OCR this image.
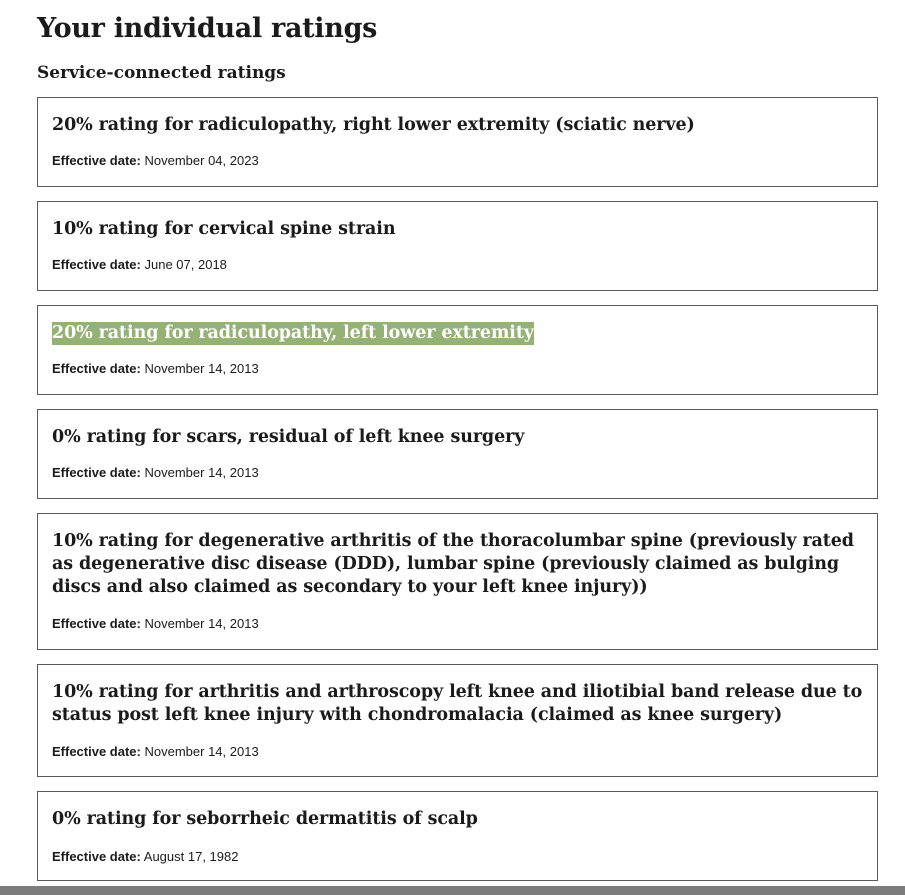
Your individual ratings
Service-connected ratings
20% rating for radiculopathy, right lower extremity (sciatic nerve)

Effective date: November 04, 2023

10% rating for cervical spine strain

Effective date: June 07, 2018

20% rating for radiculopathy, left lower extremity

Effective date: November 14, 2013

0% rating for scars, residual of left knee surgery

Effective date: November 14, 2013

10% rating for degenerative arthritis of the thoracolumbar spine (previously rated as degenerative disc disease (DDD), lumbar spine (previously claimed as bulging discs and also claimed as secondary to your left knee injury))

Effective date: November 14, 2013

10% rating for arthritis and arthroscopy left knee and iliotibial band release due to status post left knee injury with chondromalacia (claimed as knee surgery)

Effective date: November 14, 2013

0% rating for seborrheic dermatitis of scalp

Effective date: August 17, 1982
